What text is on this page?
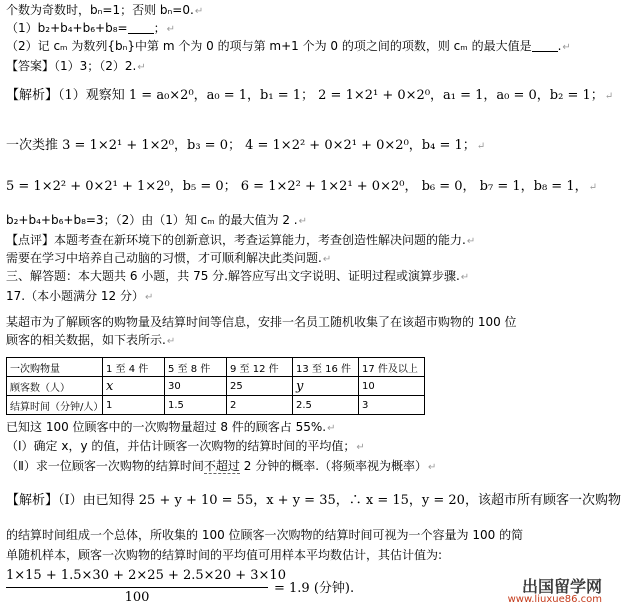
个数为奇数时，bₙ=1；否则 bₙ=0.↵
（1）b₂+b₄+b₆+b₈= ；↵
（2）记 cₘ 为数列{bₙ}中第 m 个为 0 的项与第 m+1 个为 0 的项之间的项数，则 cₘ 的最大值是 .↵
【答案】（1）3；（2）2.↵
【解析】（1）观察知 1 = a₀×2⁰，a₀ = 1，b₁ = 1； 2 = 1×2¹ + 0×2⁰，a₁ = 1，a₀ = 0，b₂ = 1；↵
一次类推 3 = 1×2¹ + 1×2⁰，b₃ = 0； 4 = 1×2² + 0×2¹ + 0×2⁰，b₄ = 1；↵
5 = 1×2² + 0×2¹ + 1×2⁰，b₅ = 0； 6 = 1×2² + 1×2¹ + 0×2⁰， b₆ = 0， b₇ = 1，b₈ = 1，↵
b₂+b₄+b₆+b₈=3；（2）由（1）知 cₘ 的最大值为 2 .↵
【点评】本题考查在新环境下的创新意识，考查运算能力，考查创造性解决问题的能力.↵
需要在学习中培养自己动脑的习惯，才可顺利解决此类问题.↵
三、解答题：本大题共 6 小题，共 75 分.解答应写出文字说明、证明过程或演算步骤.↵
17.（本小题满分 12 分）↵
某超市为了解顾客的购物量及结算时间等信息，安排一名员工随机收集了在该超市购物的 100 位
顾客的相关数据，如下表所示.↵
一次购物量	1 至 4 件	5 至 8 件	9 至 12 件	13 至 16 件	17 件及以上
顾客数（人）	x	30	25	y	10
结算时间（分钟/人）	1	1.5	2	2.5	3
已知这 100 位顾客中的一次购物量超过 8 件的顾客占 55%.↵
（Ⅰ）确定 x，y 的值，并估计顾客一次购物的结算时间的平均值；↵
（Ⅱ）求一位顾客一次购物的结算时间不超过 2 分钟的概率.（将频率视为概率）↵
【解析】（Ⅰ）由已知得 25 + y + 10 = 55，x + y = 35，∴ x = 15，y = 20，该超市所有顾客一次购物
的结算时间组成一个总体，所收集的 100 位顾客一次购物的结算时间可视为一个容量为 100 的简
单随机样本，顾客一次购物的结算时间的平均值可用样本平均数估计，其估计值为:
1×15 + 1.5×30 + 2×25 + 2.5×20 + 3×10
100
= 1.9 (分钟).	出国留学网
www.liuxue86.com
